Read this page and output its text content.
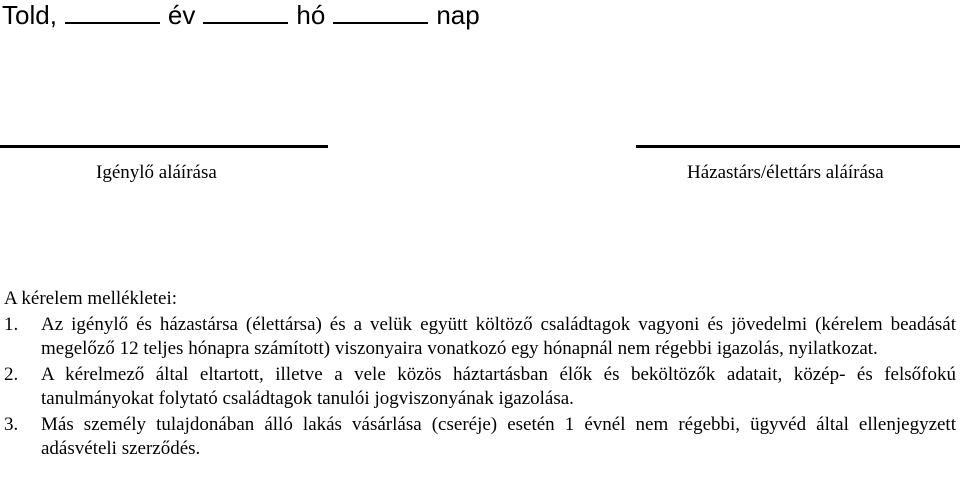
Told,	év	hó	nap
Igénylő aláírása	Házastárs/élettárs aláírása
A kérelem mellékletei:
1. Az igénylő és házastársa (élettársa) és a velük együtt költöző családtagok vagyoni és jövedelmi (kérelem beadását megelőző 12 teljes hónapra számított) viszonyaira vonatkozó egy hónapnál nem régebbi igazolás, nyilatkozat.
2. A kérelmező által eltartott, illetve a vele közös háztartásban élők és beköltözők adatait, közép- és felsőfokú tanulmányokat folytató családtagok tanulói jogviszonyának igazolása.
3. Más személy tulajdonában álló lakás vásárlása (cseréje) esetén 1 évnél nem régebbi, ügyvéd által ellenjegyzett adásvételi szerződés.
